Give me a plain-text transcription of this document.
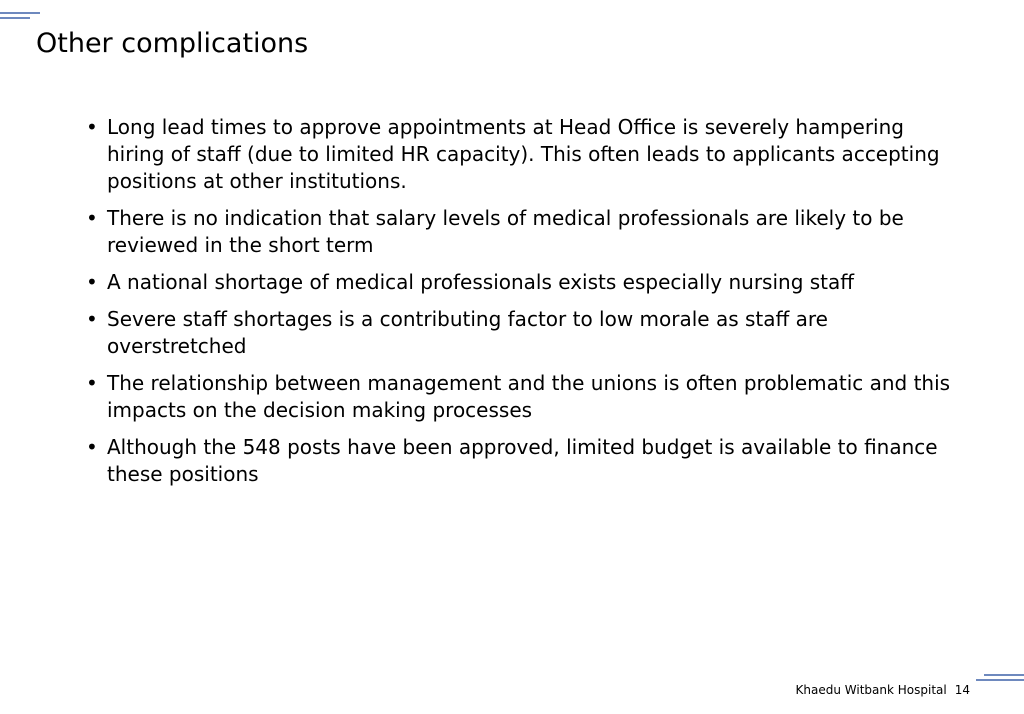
Other complications
• Long lead times to approve appointments at Head Office is severely hampering hiring of staff (due to limited HR capacity). This often leads to applicants accepting positions at other institutions.
• There is no indication that salary levels of medical professionals are likely to be reviewed in the short term
• A national shortage of medical professionals exists especially nursing staff
• Severe staff shortages is a contributing factor to low morale as staff are overstretched
• The relationship between management and the unions is often problematic and this impacts on the decision making processes
• Although the 548 posts have been approved, limited budget is available to finance these positions
Khaedu Witbank Hospital 14
